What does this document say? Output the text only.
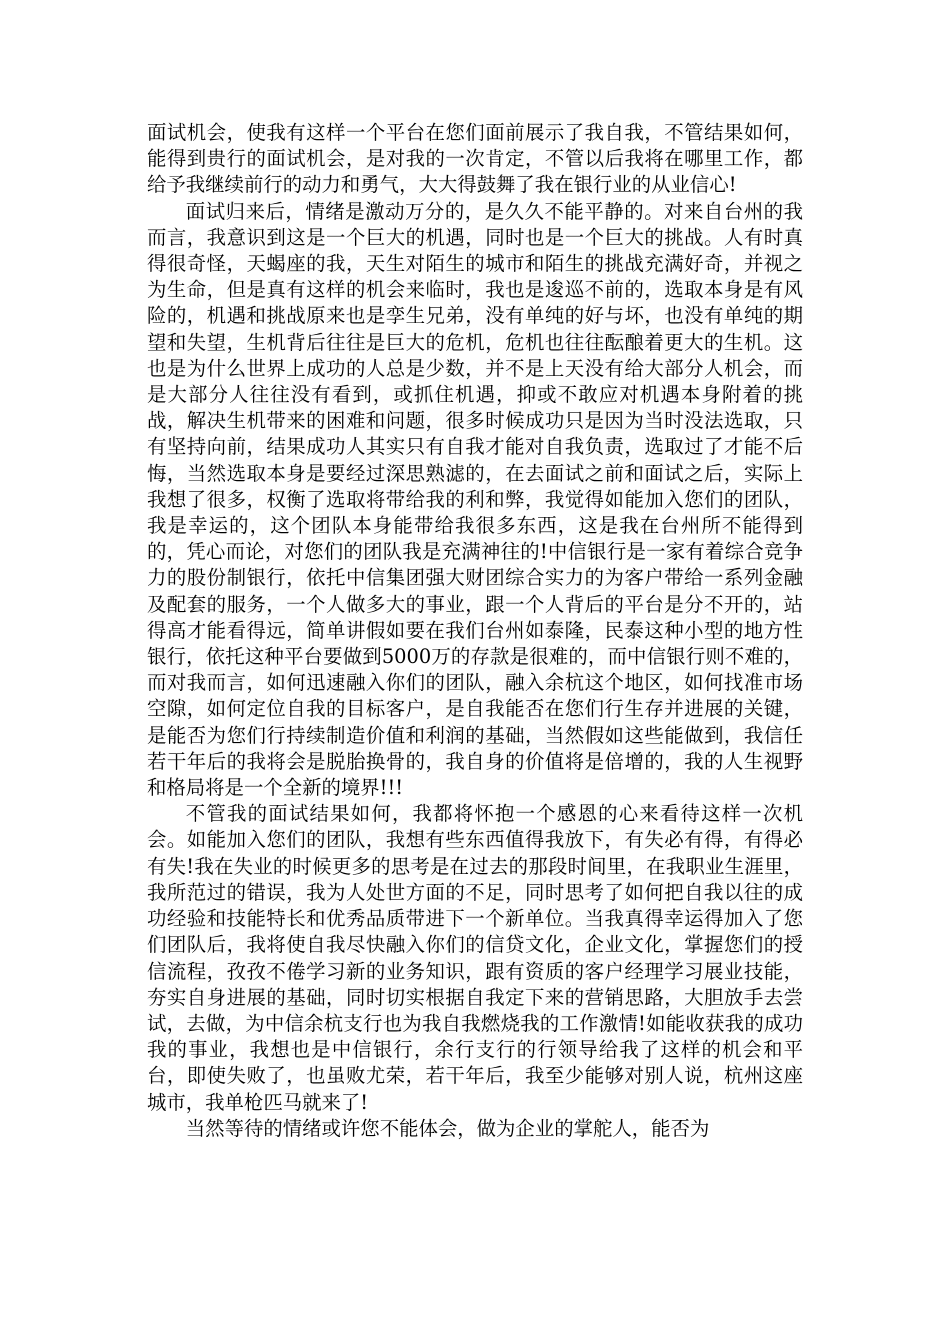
面试机会，使我有这样一个平台在您们面前展示了我自我，不管结果如何，能得到贵行的面试机会，是对我的一次肯定，不管以后我将在哪里工作，都给予我继续前行的动力和勇气，大大得鼓舞了我在银行业的从业信心!

面试归来后，情绪是激动万分的，是久久不能平静的。对来自台州的我而言，我意识到这是一个巨大的机遇，同时也是一个巨大的挑战。人有时真得很奇怪，天蝎座的我，天生对陌生的城市和陌生的挑战充满好奇，并视之为生命，但是真有这样的机会来临时，我也是逡巡不前的，选取本身是有风险的，机遇和挑战原来也是孪生兄弟，没有单纯的好与坏，也没有单纯的期望和失望，生机背后往往是巨大的危机，危机也往往酝酿着更大的生机。这也是为什么世界上成功的人总是少数，并不是上天没有给大部分人机会，而是大部分人往往没有看到，或抓住机遇，抑或不敢应对机遇本身附着的挑战，解决生机带来的困难和问题，很多时候成功只是因为当时没法选取，只有坚持向前，结果成功人其实只有自我才能对自我负责，选取过了才能不后悔，当然选取本身是要经过深思熟滤的，在去面试之前和面试之后，实际上我想了很多，权衡了选取将带给我的利和弊，我觉得如能加入您们的团队，我是幸运的，这个团队本身能带给我很多东西，这是我在台州所不能得到的，凭心而论，对您们的团队我是充满神往的!中信银行是一家有着综合竞争力的股份制银行，依托中信集团强大财团综合实力的为客户带给一系列金融及配套的服务，一个人做多大的事业，跟一个人背后的平台是分不开的，站得高才能看得远，简单讲假如要在我们台州如泰隆，民泰这种小型的地方性银行，依托这种平台要做到5000万的存款是很难的，而中信银行则不难的，而对我而言，如何迅速融入你们的团队，融入余杭这个地区，如何找准市场空隙，如何定位自我的目标客户，是自我能否在您们行生存并进展的关键，是能否为您们行持续制造价值和利润的基础，当然假如这些能做到，我信任若干年后的我将会是脱胎换骨的，我自身的价值将是倍增的，我的人生视野和格局将是一个全新的境界!!!

不管我的面试结果如何，我都将怀抱一个感恩的心来看待这样一次机会。如能加入您们的团队，我想有些东西值得我放下，有失必有得，有得必有失!我在失业的时候更多的思考是在过去的那段时间里，在我职业生涯里，我所范过的错误，我为人处世方面的不足，同时思考了如何把自我以往的成功经验和技能特长和优秀品质带进下一个新单位。当我真得幸运得加入了您们团队后，我将使自我尽快融入你们的信贷文化，企业文化，掌握您们的授信流程，孜孜不倦学习新的业务知识，跟有资质的客户经理学习展业技能，夯实自身进展的基础，同时切实根据自我定下来的营销思路，大胆放手去尝试，去做，为中信余杭支行也为我自我燃烧我的工作激情!如能收获我的成功我的事业，我想也是中信银行，余行支行的行领导给我了这样的机会和平台，即使失败了，也虽败尤荣，若干年后，我至少能够对别人说，杭州这座城市，我单枪匹马就来了!

当然等待的情绪或许您不能体会，做为企业的掌舵人，能否为
